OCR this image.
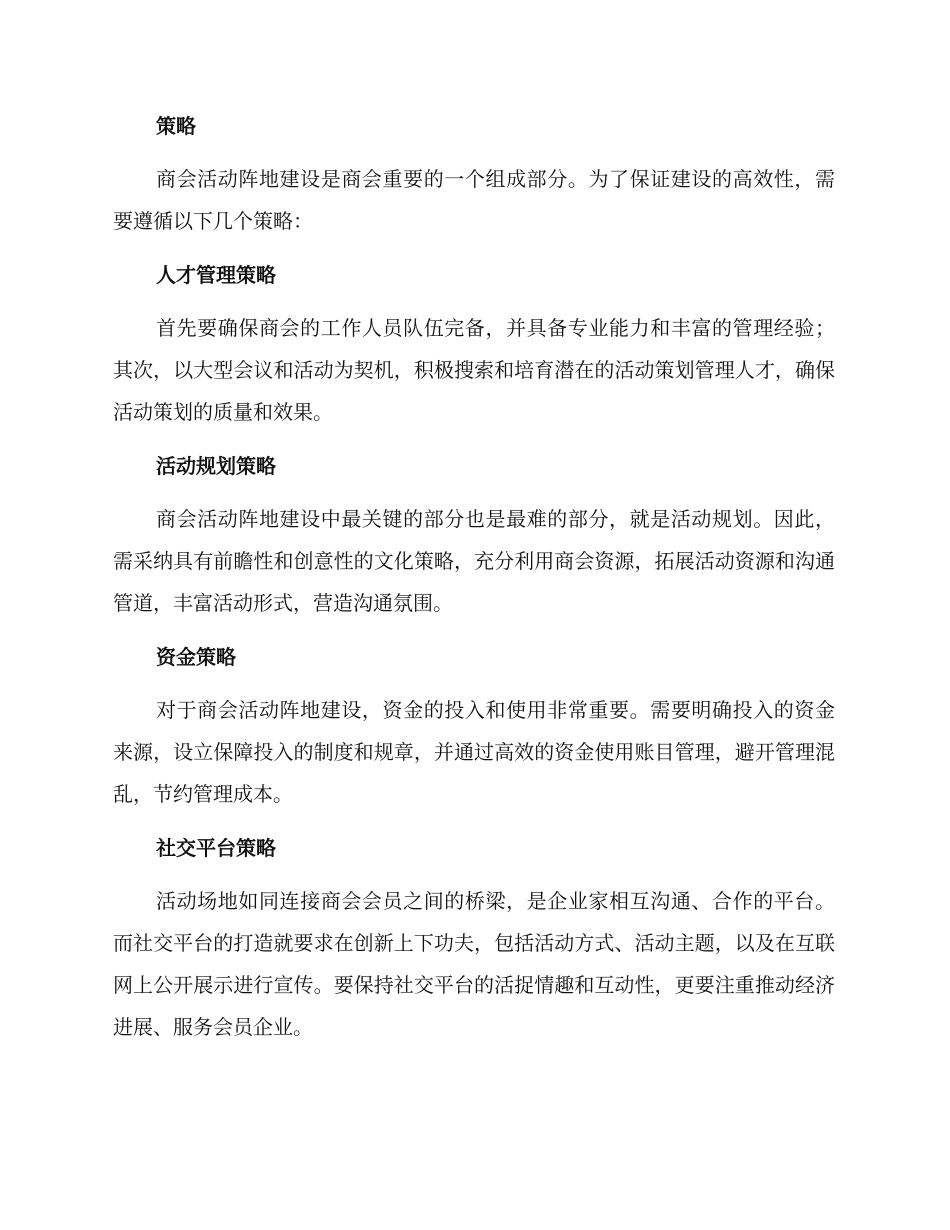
策略

商会活动阵地建设是商会重要的一个组成部分。为了保证建设的高效性，需要遵循以下几个策略：

人才管理策略

首先要确保商会的工作人员队伍完备，并具备专业能力和丰富的管理经验；其次，以大型会议和活动为契机，积极搜索和培育潜在的活动策划管理人才，确保活动策划的质量和效果。

活动规划策略

商会活动阵地建设中最关键的部分也是最难的部分，就是活动规划。因此，需采纳具有前瞻性和创意性的文化策略，充分利用商会资源，拓展活动资源和沟通管道，丰富活动形式，营造沟通氛围。

资金策略

对于商会活动阵地建设，资金的投入和使用非常重要。需要明确投入的资金来源，设立保障投入的制度和规章，并通过高效的资金使用账目管理，避开管理混乱，节约管理成本。

社交平台策略

活动场地如同连接商会会员之间的桥梁，是企业家相互沟通、合作的平台。而社交平台的打造就要求在创新上下功夫，包括活动方式、活动主题，以及在互联网上公开展示进行宣传。要保持社交平台的活捉情趣和互动性，更要注重推动经济进展、服务会员企业。
